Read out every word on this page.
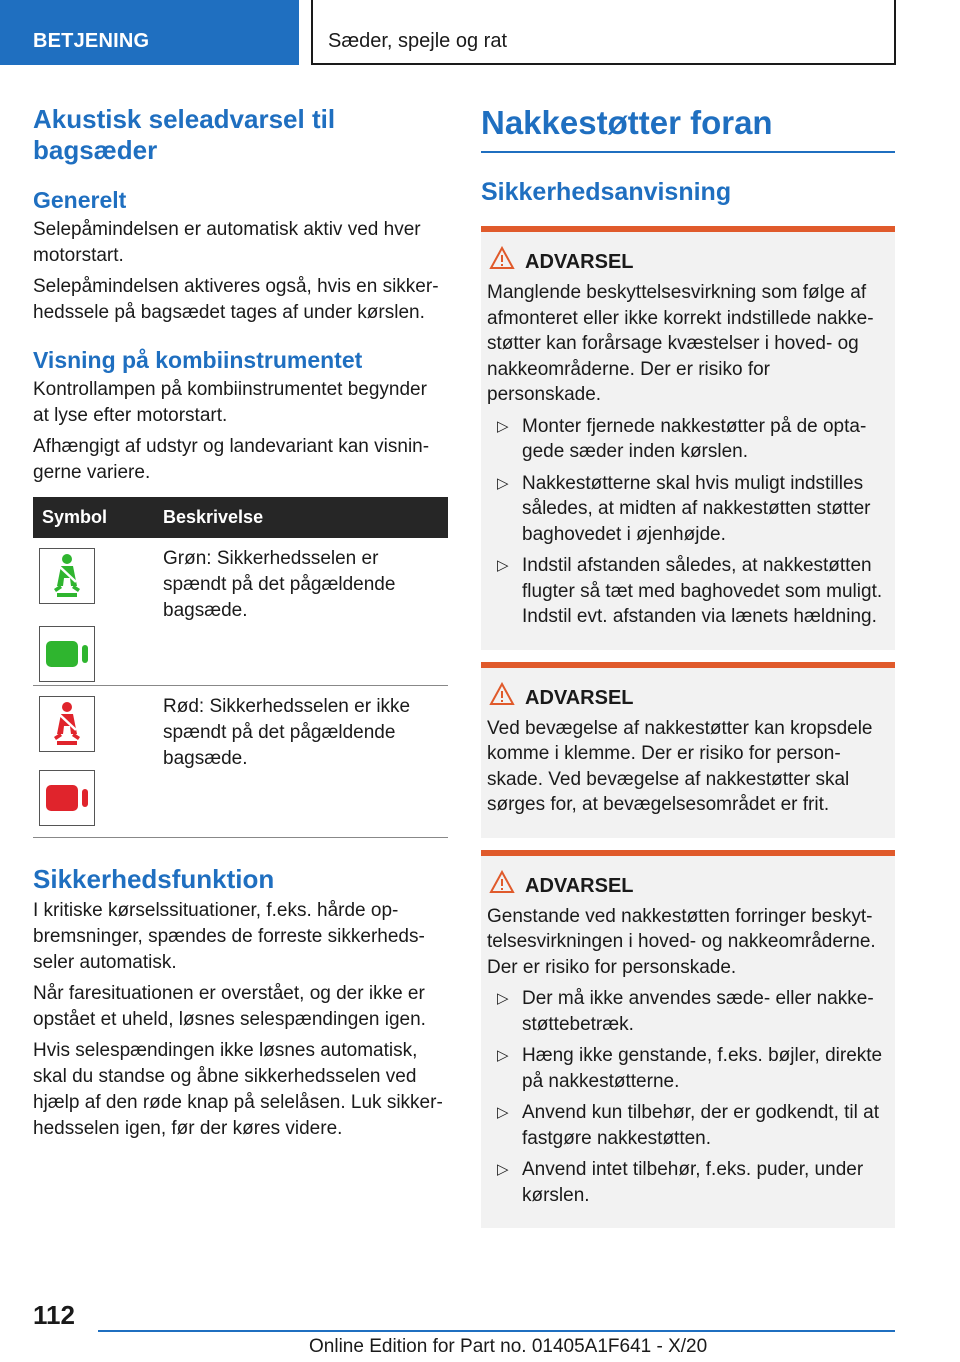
BETJENING	Sæder, spejle og rat
Akustisk seleadvarsel til bagsæder
Generelt
Selepåmindelsen er automatisk aktiv ved hver motorstart.
Selepåmindelsen aktiveres også, hvis en sikkerhedssele på bagsædet tages af under kørslen.
Visning på kombiinstrumentet
Kontrollampen på kombiinstrumentet begynder at lyse efter motorstart.
Afhængigt af udstyr og landevariant kan visningerne variere.
Symbol	Beskrivelse
Grøn: Sikkerhedsselen er spændt på det pågældende bagsæde.
Rød: Sikkerhedsselen er ikke spændt på det pågældende bagsæde.
Sikkerhedsfunktion
I kritiske kørselssituationer, f.eks. hårde opbremsninger, spændes de forreste sikkerhedsseler automatisk.
Når faresituationen er overstået, og der ikke er opstået et uheld, løsnes selespændingen igen.
Hvis selespændingen ikke løsnes automatisk, skal du standse og åbne sikkerhedsselen ved hjælp af den røde knap på selelåsen. Luk sikkerhedsselen igen, før der køres videre.
Nakkestøtter foran
Sikkerhedsanvisning
ADVARSEL
Manglende beskyttelsesvirkning som følge af afmonteret eller ikke korrekt indstillede nakkestøtter kan forårsage kvæstelser i hoved- og nakkeområderne. Der er risiko for personskade.
▷ Monter fjernede nakkestøtter på de optagede sæder inden kørslen.
▷ Nakkestøtterne skal hvis muligt indstilles således, at midten af nakkestøtten støtter baghovedet i øjenhøjde.
▷ Indstil afstanden således, at nakkestøtten flugter så tæt med baghovedet som muligt. Indstil evt. afstanden via lænets hældning.
ADVARSEL
Ved bevægelse af nakkestøtter kan kropsdele komme i klemme. Der er risiko for personskade. Ved bevægelse af nakkestøtter skal sørges for, at bevægelsesområdet er frit.
ADVARSEL
Genstande ved nakkestøtten forringer beskyttelsesvirkningen i hoved- og nakkeområderne. Der er risiko for personskade.
▷ Der må ikke anvendes sæde- eller nakkestøttebetræk.
▷ Hæng ikke genstande, f.eks. bøjler, direkte på nakkestøtterne.
▷ Anvend kun tilbehør, der er godkendt, til at fastgøre nakkestøtten.
▷ Anvend intet tilbehør, f.eks. puder, under kørslen.
112
Online Edition for Part no. 01405A1F641 - X/20
